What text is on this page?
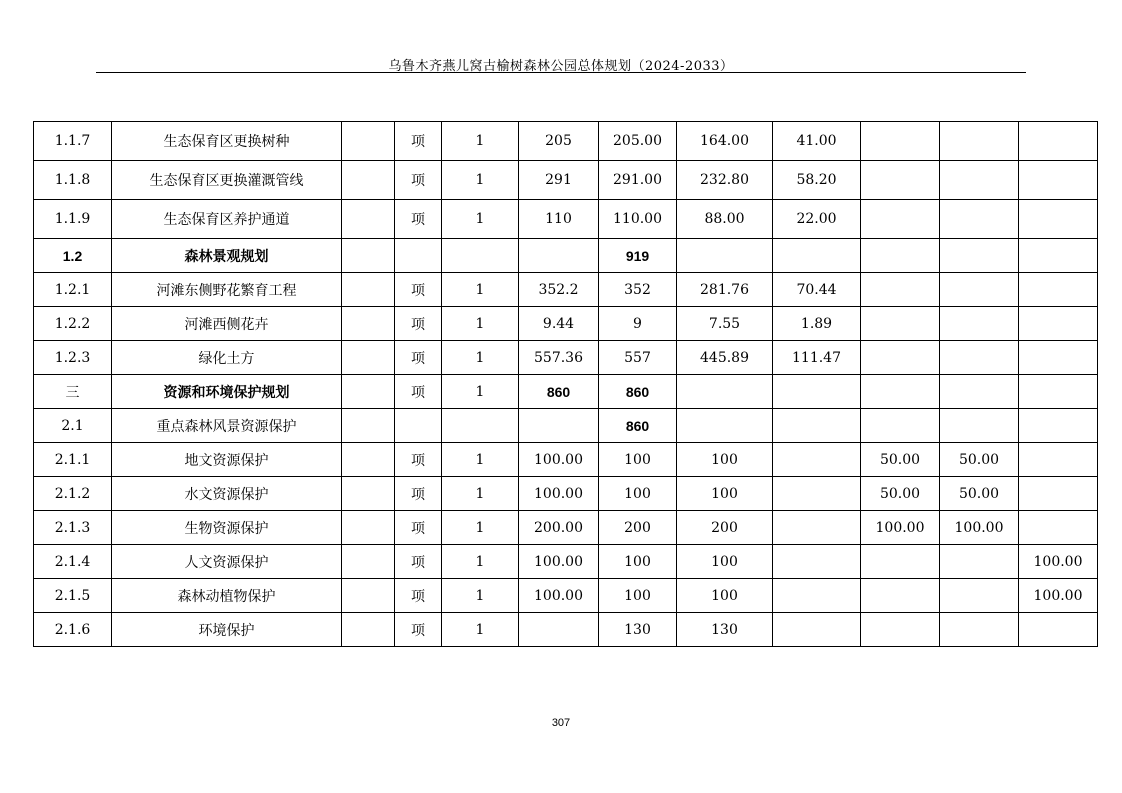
乌鲁木齐燕儿窝古榆树森林公园总体规划（2024-2033）
1.1.7	生态保育区更换树种		项	1	205	205.00	164.00	41.00			
1.1.8	生态保育区更换灌溉管线		项	1	291	291.00	232.80	58.20			
1.1.9	生态保育区养护通道		项	1	110	110.00	88.00	22.00			
1.2	森林景观规划					919					
1.2.1	河滩东侧野花繁育工程		项	1	352.2	352	281.76	70.44			
1.2.2	河滩西侧花卉		项	1	9.44	9	7.55	1.89			
1.2.3	绿化土方		项	1	557.36	557	445.89	111.47			
三	资源和环境保护规划		项	1	860	860					
2.1	重点森林风景资源保护					860					
2.1.1	地文资源保护		项	1	100.00	100	100		50.00	50.00	
2.1.2	水文资源保护		项	1	100.00	100	100		50.00	50.00	
2.1.3	生物资源保护		项	1	200.00	200	200		100.00	100.00	
2.1.4	人文资源保护		项	1	100.00	100	100				100.00
2.1.5	森林动植物保护		项	1	100.00	100	100				100.00
2.1.6	环境保护		项	1		130	130				
307
